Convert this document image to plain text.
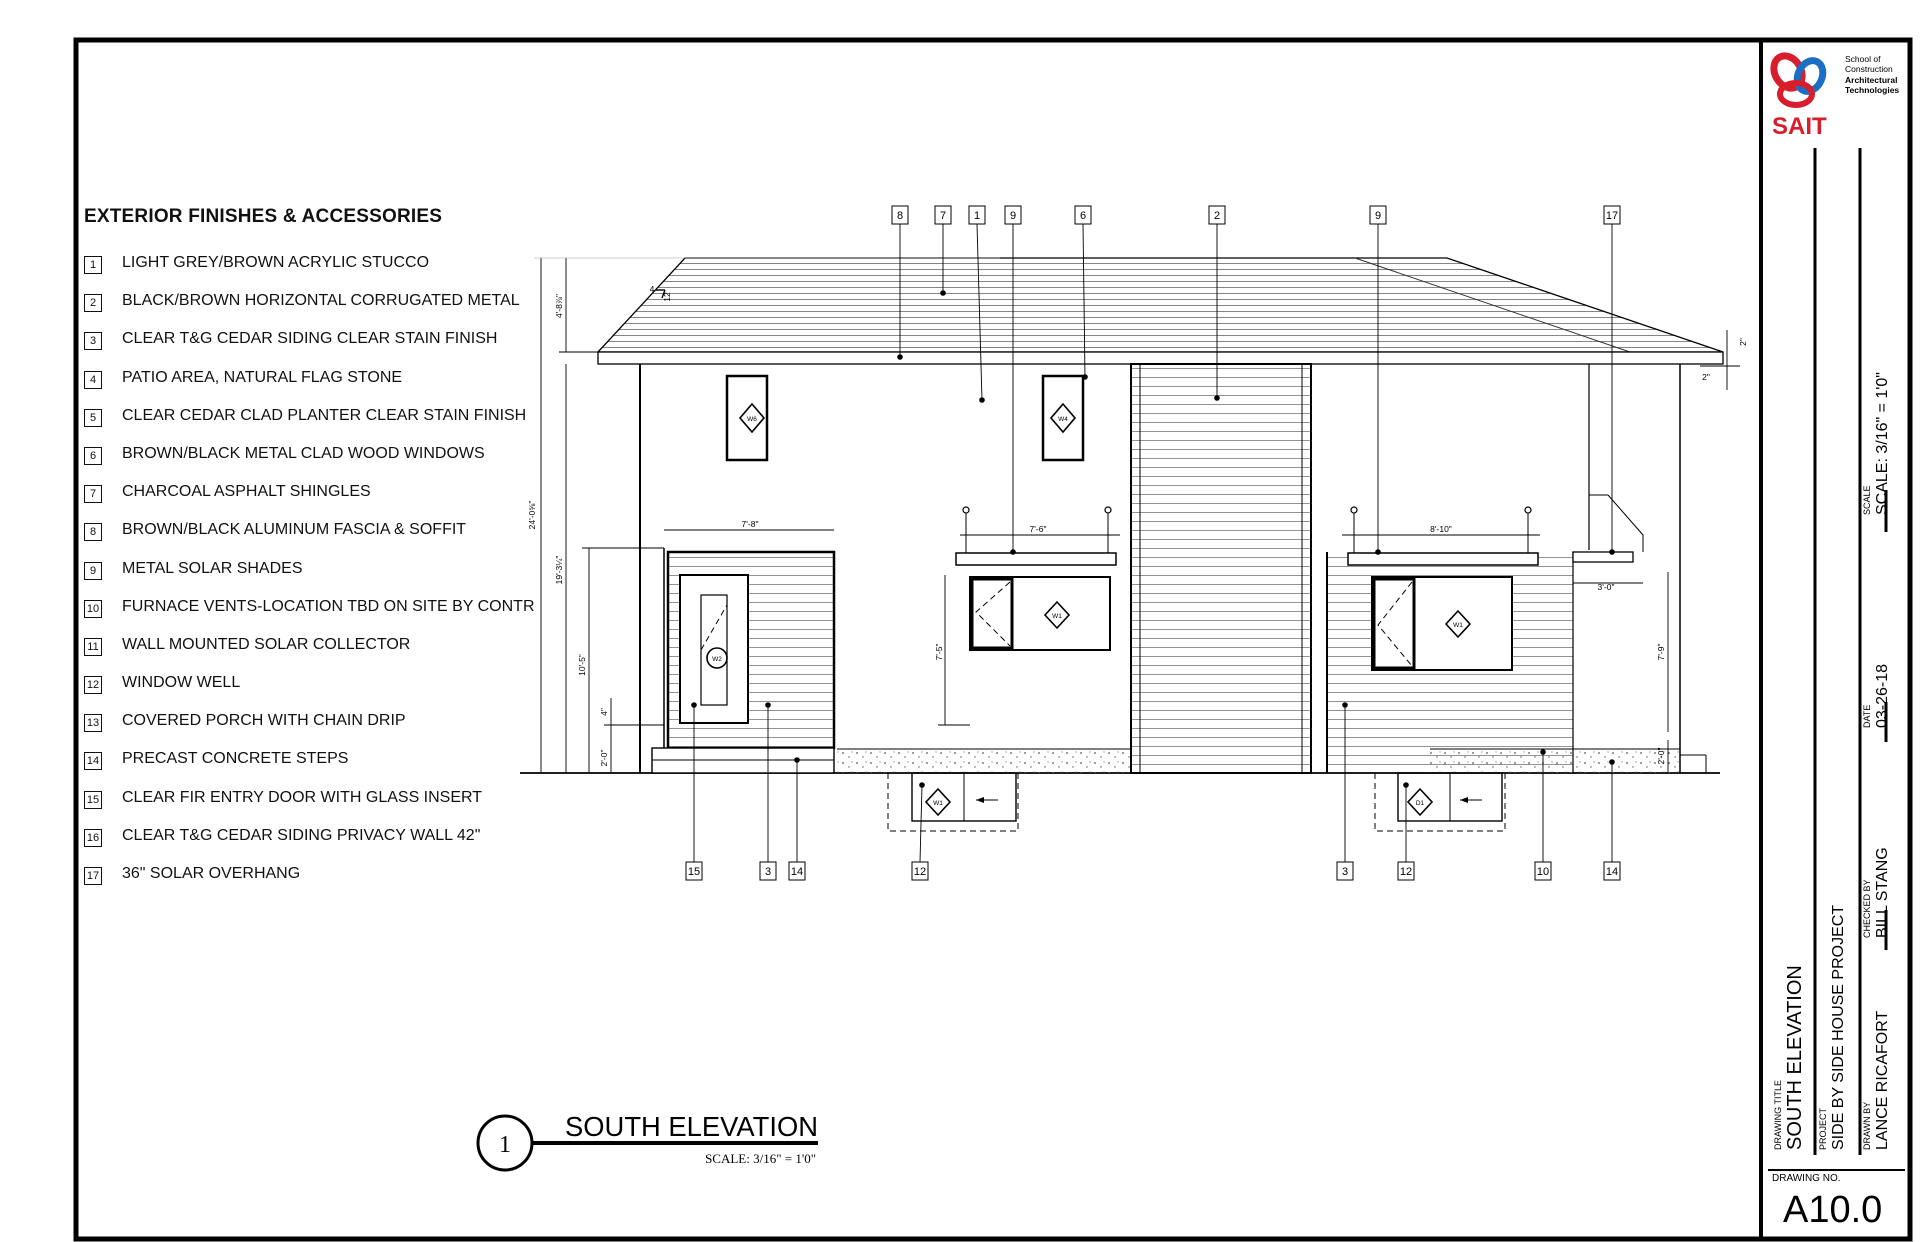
8	7	1	9	6	2	9	17
15	3 14	12	3	12	10	14
24'-0⅝"
4'-8⅞"
19'-3¼"
10'-5"
4"
2'-0"
7'-8"	7'-6"	8'-10"
7'-5"	7'-9"
3'-0"
2"
2"
2'-0"
12
4
W6	W4
W1
W1
W1	D1
W2
1
SOUTH ELEVATION
SCALE: 3/16" = 1'0"
SAIT
School of
Construction
Architectural
Technologies
SCALE SCALE: 3/16" = 1'0"
DATE 03-26-18
CHECKED BY BILL STANG
DRAWN BY LANCE RICAFORT
PROJECT SIDE BY SIDE HOUSE PROJECT
DRAWING TITLE SOUTH ELEVATION
DRAWING NO.
A10.0
EXTERIOR FINISHES & ACCESSORIES
1	LIGHT GREY/BROWN ACRYLIC STUCCO
2	BLACK/BROWN HORIZONTAL CORRUGATED METAL
3	CLEAR T&G CEDAR SIDING CLEAR STAIN FINISH
4	PATIO AREA, NATURAL FLAG STONE
5	CLEAR CEDAR CLAD PLANTER CLEAR STAIN FINISH
6	BROWN/BLACK METAL CLAD WOOD WINDOWS
7	CHARCOAL ASPHALT SHINGLES
8	BROWN/BLACK ALUMINUM FASCIA & SOFFIT
9	METAL SOLAR SHADES
10 FURNACE VENTS-LOCATION TBD ON SITE BY CONTR
11 WALL MOUNTED SOLAR COLLECTOR
12 WINDOW WELL
13 COVERED PORCH WITH CHAIN DRIP
14 PRECAST CONCRETE STEPS
15 CLEAR FIR ENTRY DOOR WITH GLASS INSERT
16 CLEAR T&G CEDAR SIDING PRIVACY WALL 42"
17 36" SOLAR OVERHANG
